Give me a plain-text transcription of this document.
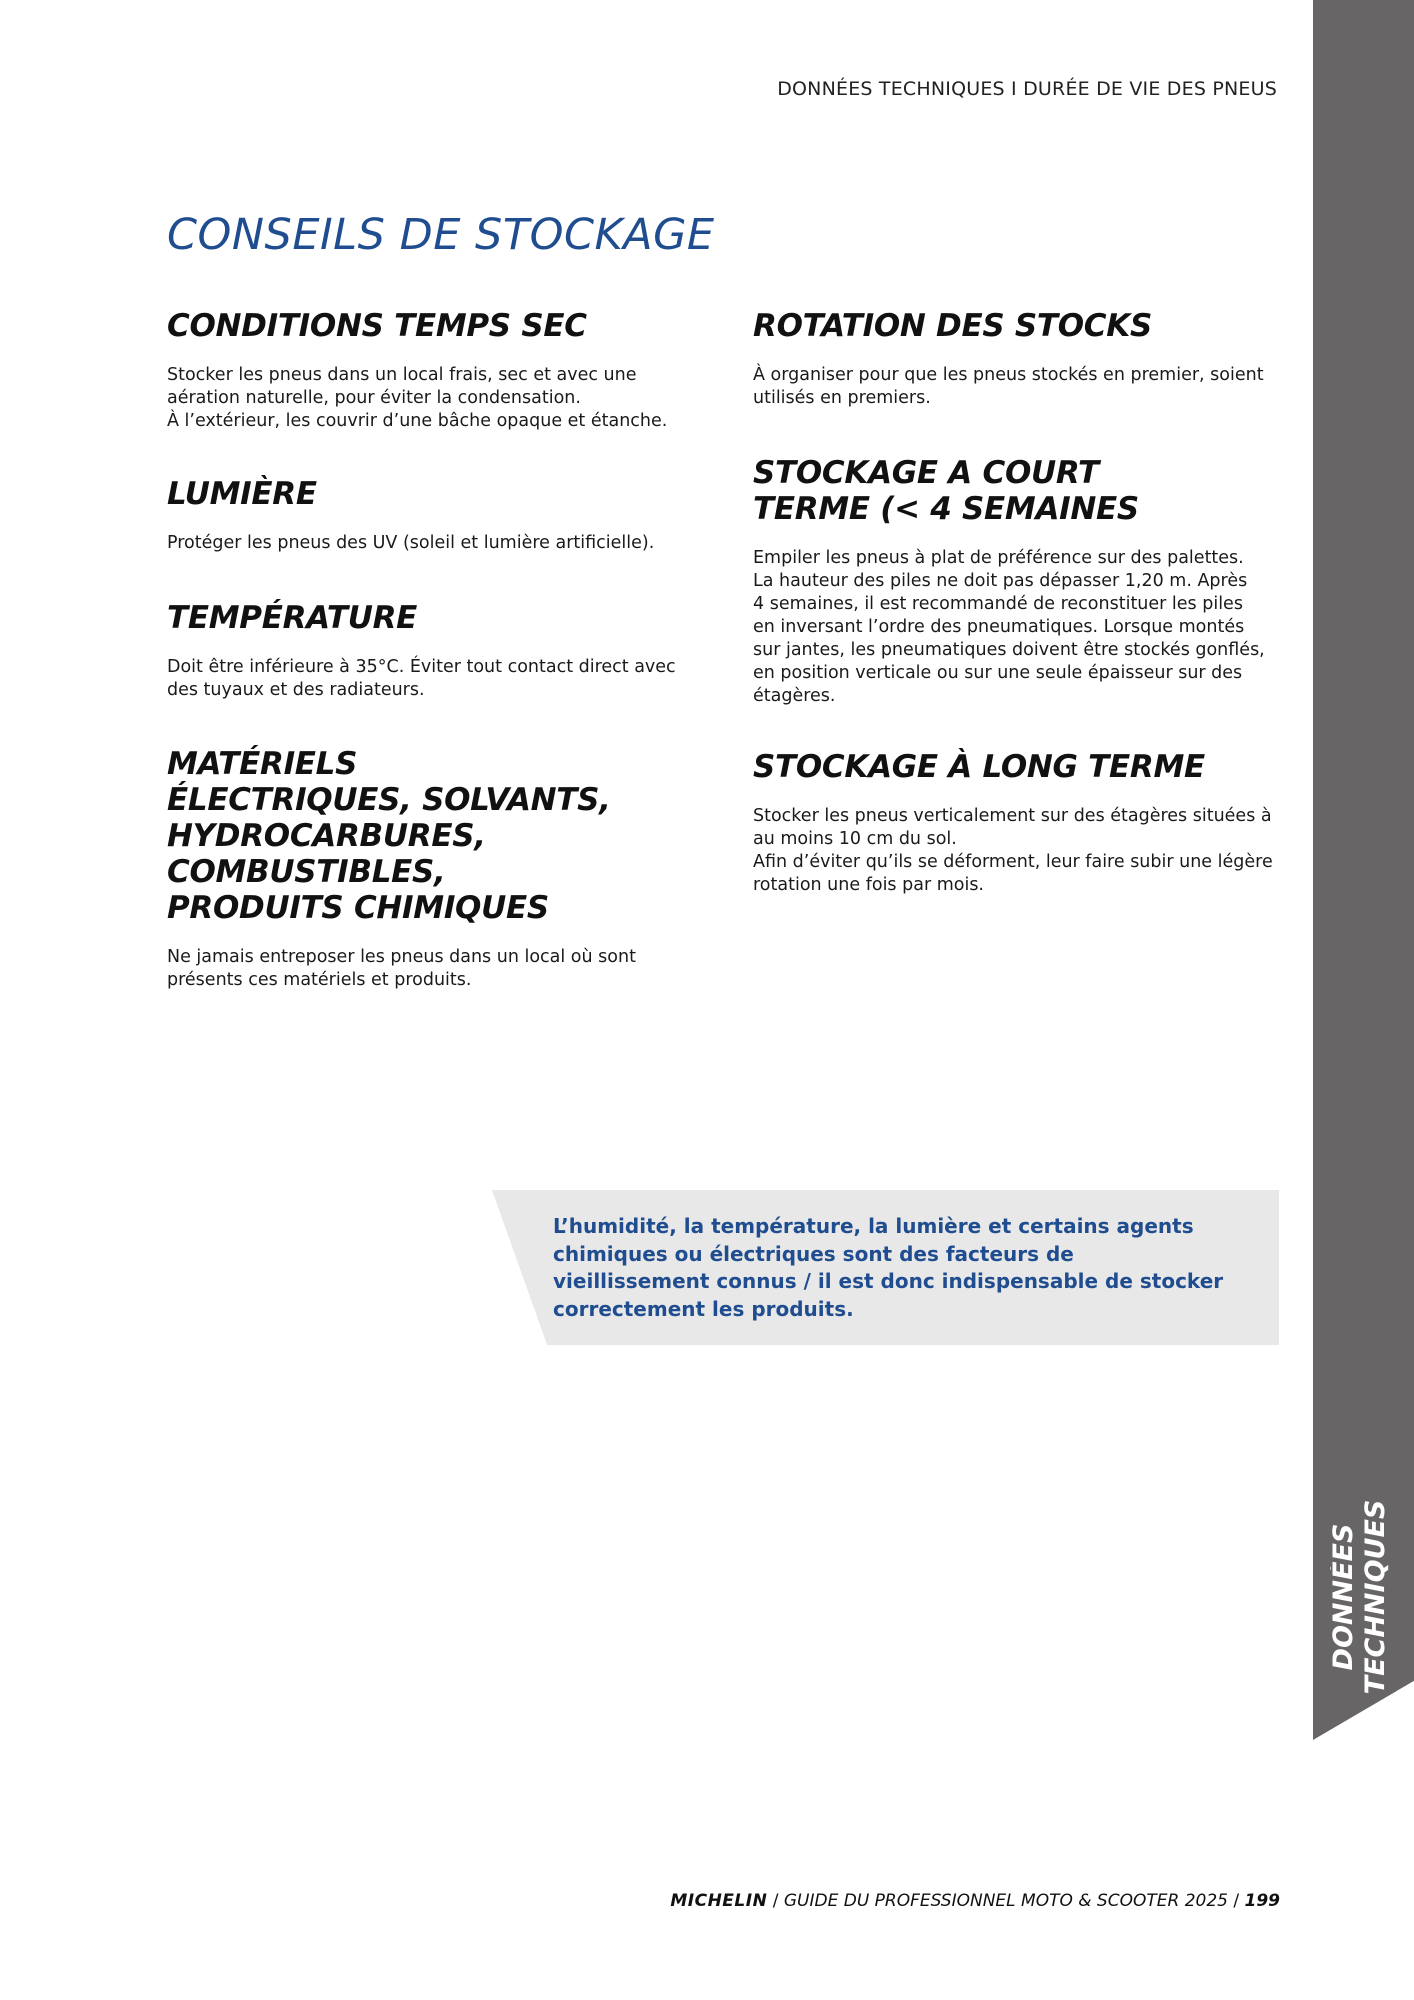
DONNÉES TECHNIQUES I DURÉE DE VIE DES PNEUS
DONNÉES TECHNIQUES
CONSEILS DE STOCKAGE
CONDITIONS TEMPS SEC

Stocker les pneus dans un local frais, sec et avec une
aération naturelle, pour éviter la condensation.
À l’extérieur, les couvrir d’une bâche opaque et étanche.

LUMIÈRE

Protéger les pneus des UV (soleil et lumière artificielle).

TEMPÉRATURE

Doit être inférieure à 35°C. Éviter tout contact direct avec
des tuyaux et des radiateurs.

MATÉRIELS
ÉLECTRIQUES, SOLVANTS,
HYDROCARBURES,
COMBUSTIBLES,
PRODUITS CHIMIQUES

Ne jamais entreposer les pneus dans un local où sont
présents ces matériels et produits.

ROTATION DES STOCKS

À organiser pour que les pneus stockés en premier, soient
utilisés en premiers.

STOCKAGE A COURT
TERME (< 4 SEMAINES

Empiler les pneus à plat de préférence sur des palettes.
La hauteur des piles ne doit pas dépasser 1,20 m. Après
4 semaines, il est recommandé de reconstituer les piles
en inversant l’ordre des pneumatiques. Lorsque montés
sur jantes, les pneumatiques doivent être stockés gonflés,
en position verticale ou sur une seule épaisseur sur des
étagères.

STOCKAGE À LONG TERME

Stocker les pneus verticalement sur des étagères situées à
au moins 10 cm du sol.
Afin d’éviter qu’ils se déforment, leur faire subir une légère
rotation une fois par mois.

L’humidité, la température, la lumière et certains agents chimiques ou électriques sont des facteurs de vieillissement connus / il est donc indispensable de stocker correctement les produits.

MICHELIN / GUIDE DU PROFESSIONNEL MOTO & SCOOTER 2025 / 199
